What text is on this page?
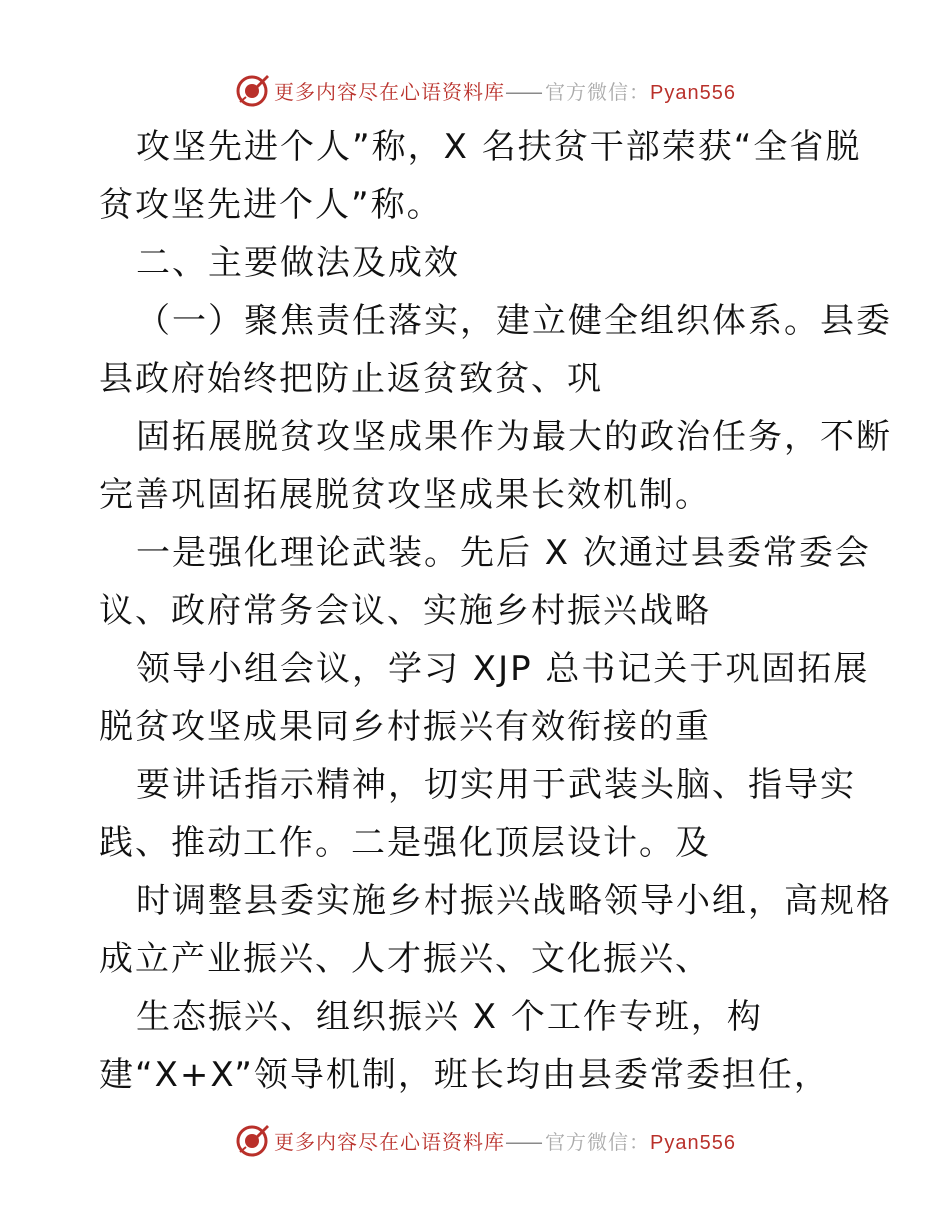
更多内容尽在心语资料库—— 官方微信：Pyan556
攻坚先进个人”称，X 名扶贫干部荣获“全省脱
贫攻坚先进个人”称。
二、主要做法及成效
（一）聚焦责任落实，建立健全组织体系。县委
县政府始终把防止返贫致贫、巩
固拓展脱贫攻坚成果作为最大的政治任务，不断
完善巩固拓展脱贫攻坚成果长效机制。
一是强化理论武装。先后 X 次通过县委常委会
议、政府常务会议、实施乡村振兴战略
领导小组会议，学习 XJP 总书记关于巩固拓展
脱贫攻坚成果同乡村振兴有效衔接的重
要讲话指示精神，切实用于武装头脑、指导实
践、推动工作。二是强化顶层设计。及
时调整县委实施乡村振兴战略领导小组，高规格
成立产业振兴、人才振兴、文化振兴、
生态振兴、组织振兴 X 个工作专班，构
建“X+X”领导机制，班长均由县委常委担任，
更多内容尽在心语资料库—— 官方微信：Pyan556
